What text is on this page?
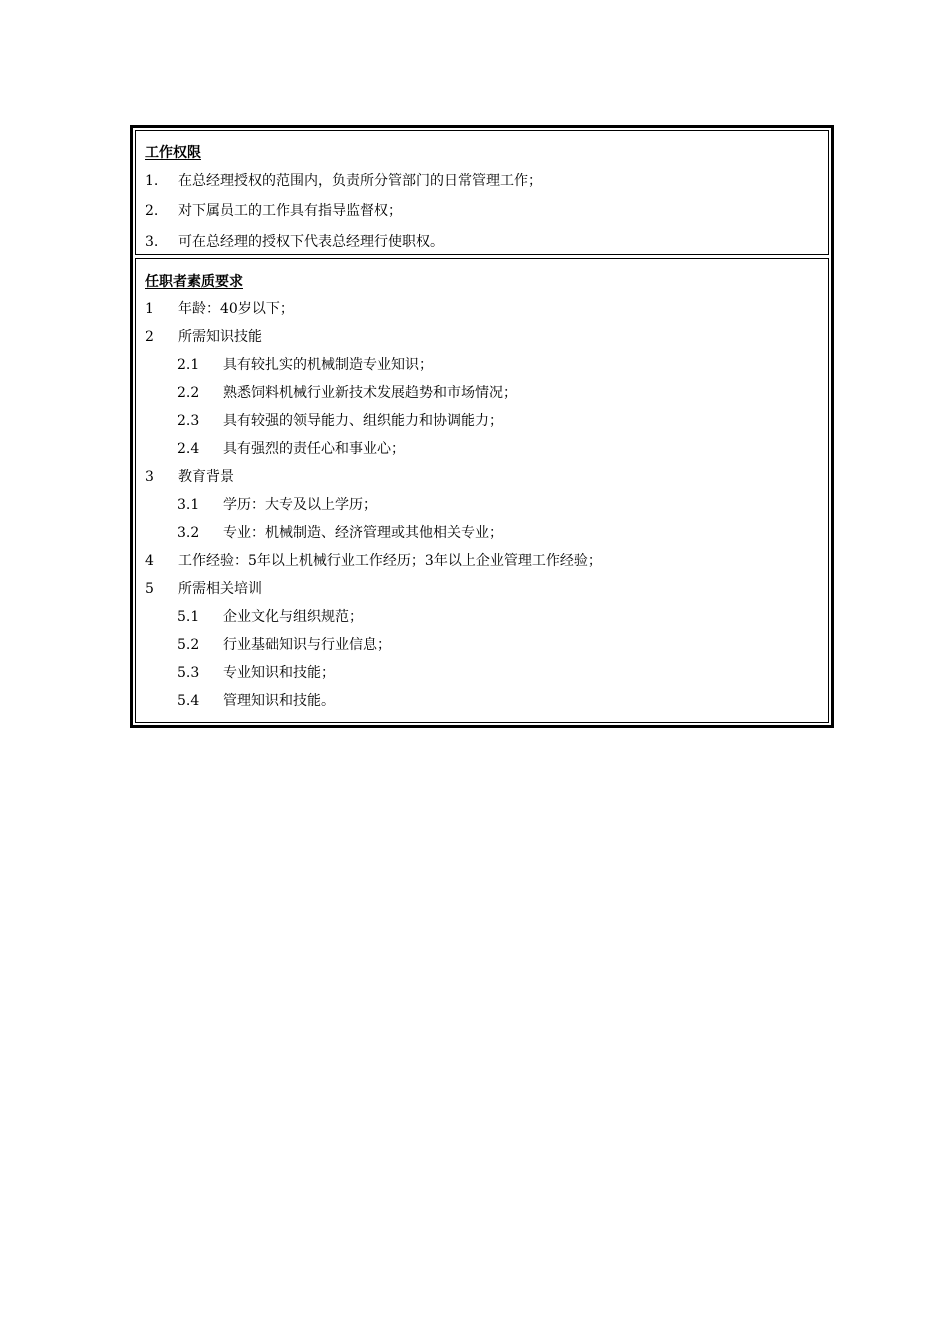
工作权限
1. 在总经理授权的范围内，负责所分管部门的日常管理工作；
2. 对下属员工的工作具有指导监督权；
3. 可在总经理的授权下代表总经理行使职权。
任职者素质要求
1 年龄：40岁以下；
2 所需知识技能
2.1 具有较扎实的机械制造专业知识；
2.2 熟悉饲料机械行业新技术发展趋势和市场情况；
2.3 具有较强的领导能力、组织能力和协调能力；
2.4 具有强烈的责任心和事业心；
3 教育背景
3.1 学历：大专及以上学历；
3.2 专业：机械制造、经济管理或其他相关专业；
4 工作经验：5年以上机械行业工作经历；3年以上企业管理工作经验；
5 所需相关培训
5.1 企业文化与组织规范；
5.2 行业基础知识与行业信息；
5.3 专业知识和技能；
5.4 管理知识和技能。
